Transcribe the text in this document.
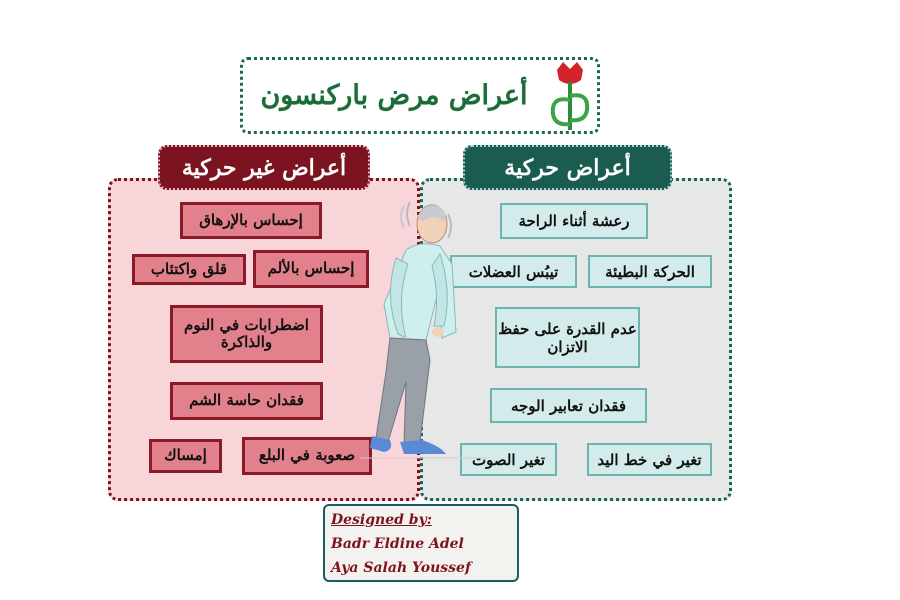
أعراض مرض باركنسون
أعراض غير حركية	أعراض حركية
إحساس بالإرهاق
قلق واكتئاب	إحساس بالألم
اضطرابات في النوم والذاكرة
فقدان حاسة الشم
إمساك	صعوبة في البلع
رعشة أثناء الراحة
تيبُس العضلات	الحركة البطيئة
عدم القدرة على حفظ الاتزان
فقدان تعابير الوجه
تغير الصوت	تغير في خط اليد
Designed by:
Badr Eldine Adel
Aya Salah Youssef
